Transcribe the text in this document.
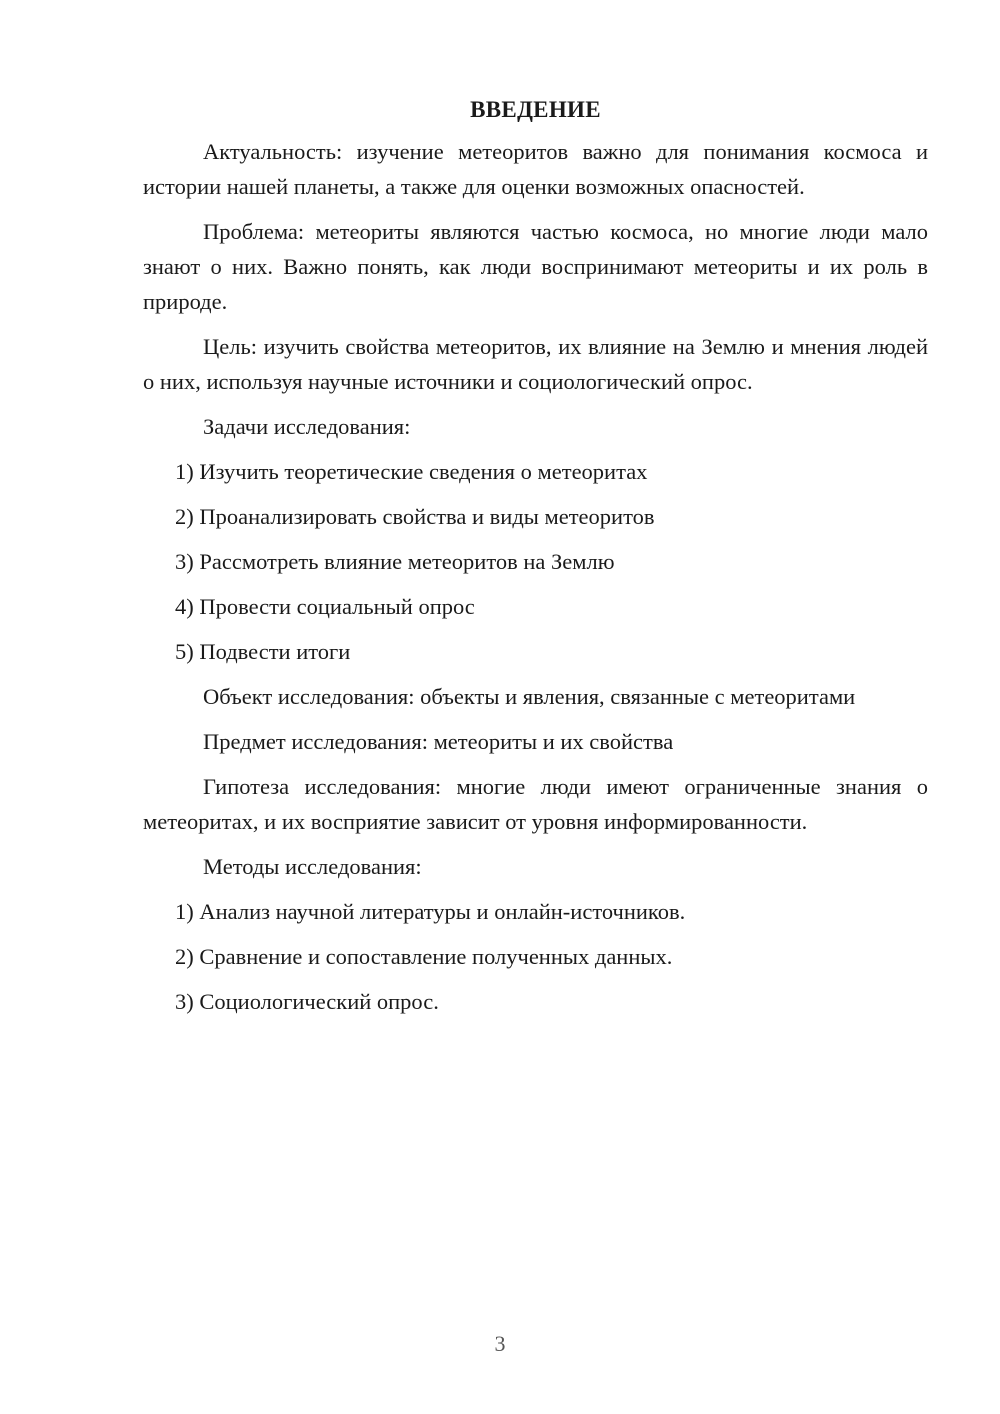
ВВЕДЕНИЕ

Актуальность: изучение метеоритов важно для понимания космоса и истории нашей планеты, а также для оценки возможных опасностей.

Проблема: метеориты являются частью космоса, но многие люди мало знают о них. Важно понять, как люди воспринимают метеориты и их роль в природе.

Цель: изучить свойства метеоритов, их влияние на Землю и мнения людей о них, используя научные источники и социологический опрос.

Задачи исследования:
1) Изучить теоретические сведения о метеоритах
2) Проанализировать свойства и виды метеоритов
3) Рассмотреть влияние метеоритов на Землю
4) Провести социальный опрос
5) Подвести итоги
Объект исследования: объекты и явления, связанные с метеоритами
Предмет исследования: метеориты и их свойства

Гипотеза исследования: многие люди имеют ограниченные знания о метеоритах, и их восприятие зависит от уровня информированности.

Методы исследования:
1) Анализ научной литературы и онлайн-источников.
2) Сравнение и сопоставление полученных данных.
3) Социологический опрос.
3
